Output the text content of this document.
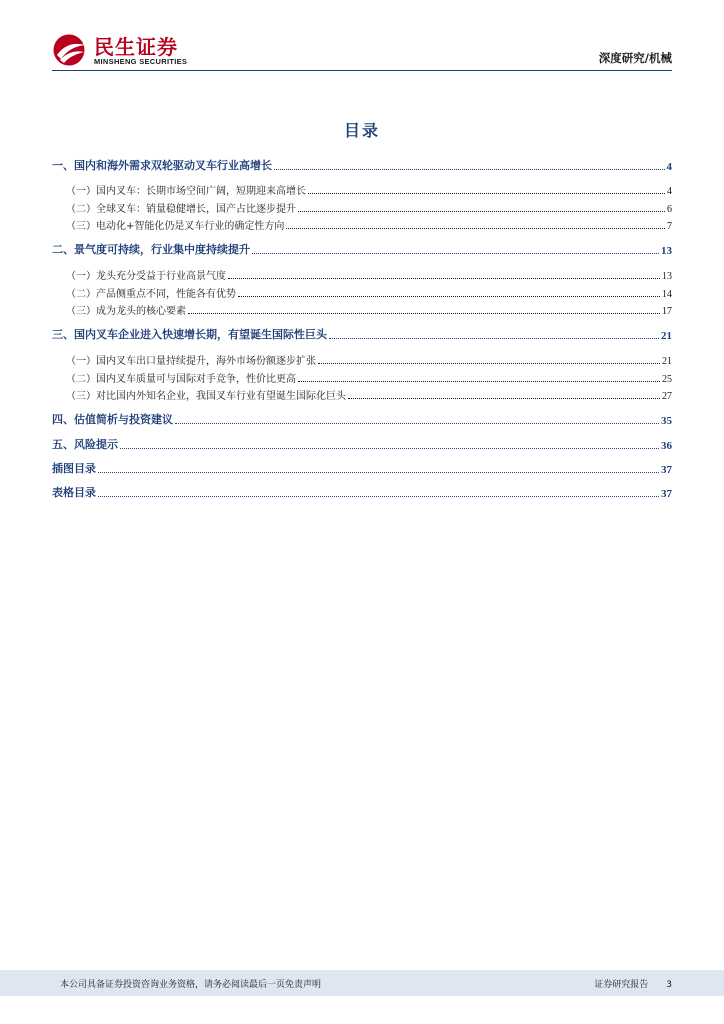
民生证券
MINSHENG SECURITIES	深度研究/机械
目录
一、国内和海外需求双轮驱动叉车行业高增长	4
（一）国内叉车：长期市场空间广阔，短期迎来高增长	4
（二）全球叉车：销量稳健增长，国产占比逐步提升	6
（三）电动化+智能化仍是叉车行业的确定性方向	7
二、景气度可持续，行业集中度持续提升	13
（一）龙头充分受益于行业高景气度	13
（二）产品侧重点不同，性能各有优势	14
（三）成为龙头的核心要素	17
三、国内叉车企业进入快速增长期，有望诞生国际性巨头	21
（一）国内叉车出口量持续提升，海外市场份额逐步扩张	21
（二）国内叉车质量可与国际对手竞争，性价比更高	25
（三）对比国内外知名企业，我国叉车行业有望诞生国际化巨头	27
四、估值简析与投资建议	35
五、风险提示	36
插图目录	37
表格目录	37
本公司具备证券投资咨询业务资格，请务必阅读最后一页免责声明	证券研究报告 3
